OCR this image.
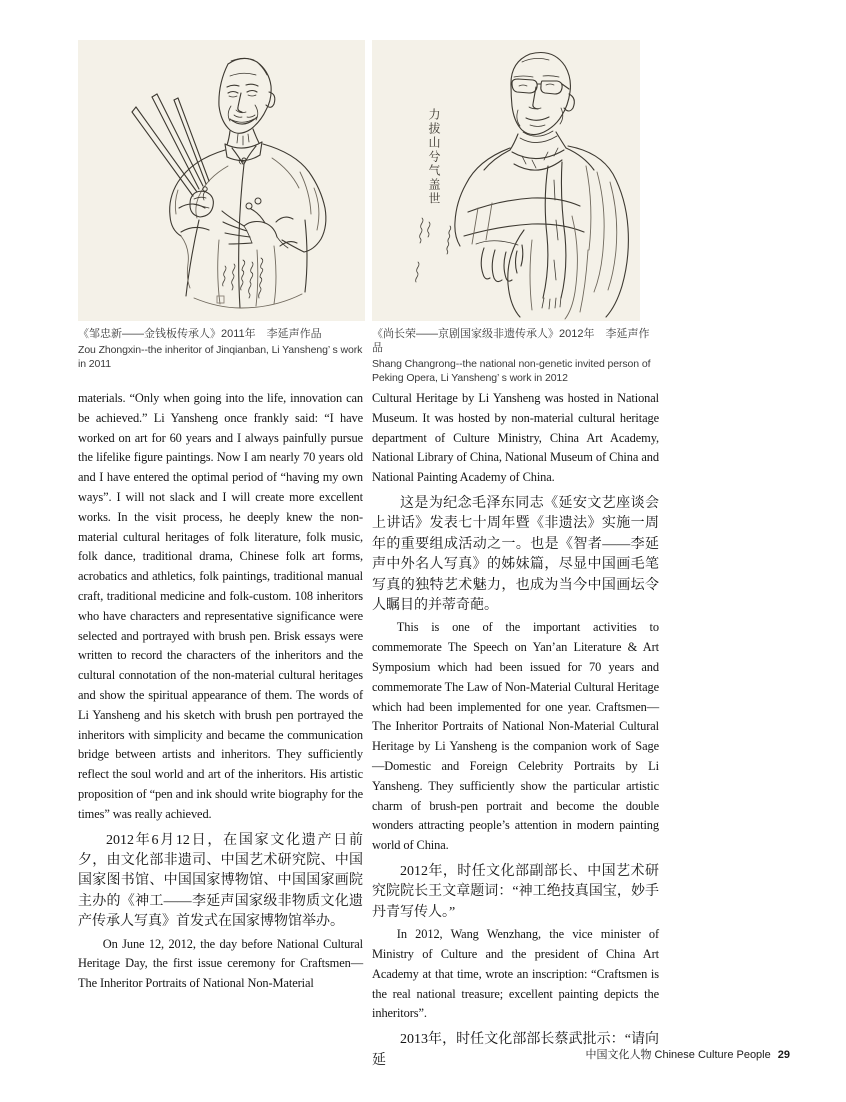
力拔山兮气盖世

《邹忠新——金钱板传承人》2011年　李延声作品

Zou Zhongxin--the inheritor of Jinqianban, Li Yansheng’ s work in 2011

《尚长荣——京剧国家级非遗传承人》2012年　李延声作品

Shang Changrong--the national non-genetic invited person of Peking Opera, Li Yansheng’ s work in 2012

materials. “Only when going into the life, innovation can be achieved.” Li Yansheng once frankly said: “I have worked on art for 60 years and I always painfully pursue the lifelike figure paintings. Now I am nearly 70 years old and I have entered the optimal period of “having my own ways”. I will not slack and I will create more excellent works. In the visit process, he deeply knew the non-material cultural heritages of folk literature, folk music, folk dance, traditional drama, Chinese folk art forms, acrobatics and athletics, folk paintings, traditional manual craft, traditional medicine and folk-custom. 108 inheritors who have characters and representative significance were selected and portrayed with brush pen. Brisk essays were written to record the characters of the inheritors and the cultural connotation of the non-material cultural heritages and show the spiritual appearance of them. The words of Li Yansheng and his sketch with brush pen portrayed the inheritors with simplicity and became the communication bridge between artists and inheritors. They sufficiently reflect the soul world and art of the inheritors. His artistic proposition of “pen and ink should write biography for the times” was really achieved.

2012年6月12日，在国家文化遗产日前夕，由文化部非遗司、中国艺术研究院、中国国家图书馆、中国国家博物馆、中国国家画院主办的《神工——李延声国家级非物质文化遗产传承人写真》首发式在国家博物馆举办。

On June 12, 2012, the day before National Cultural Heritage Day, the first issue ceremony for Craftsmen—The Inheritor Portraits of National Non-Material

Cultural Heritage by Li Yansheng was hosted in National Museum. It was hosted by non-material cultural heritage department of Culture Ministry, China Art Academy, National Library of China, National Museum of China and National Painting Academy of China.

这是为纪念毛泽东同志《延安文艺座谈会上讲话》发表七十周年暨《非遗法》实施一周年的重要组成活动之一。也是《智者——李延声中外名人写真》的姊妹篇，尽显中国画毛笔写真的独特艺术魅力，也成为当今中国画坛令人瞩目的并蒂奇葩。

This is one of the important activities to commemorate The Speech on Yan’an Literature & Art Symposium which had been issued for 70 years and commemorate The Law of Non-Material Cultural Heritage which had been implemented for one year. Craftsmen—The Inheritor Portraits of National Non-Material Cultural Heritage by Li Yansheng is the companion work of Sage—Domestic and Foreign Celebrity Portraits by Li Yansheng. They sufficiently show the particular artistic charm of brush-pen portrait and become the double wonders attracting people’s attention in modern painting world of China.

2012年，时任文化部副部长、中国艺术研究院院长王文章题词：“神工绝技真国宝，妙手丹青写传人。”

In 2012, Wang Wenzhang, the vice minister of Ministry of Culture and the president of China Art Academy at that time, wrote an inscription: “Craftsmen is the real national treasure; excellent painting depicts the inheritors”.

2013年，时任文化部部长蔡武批示：“请向延	中国文化人物 Chinese Culture People 29
